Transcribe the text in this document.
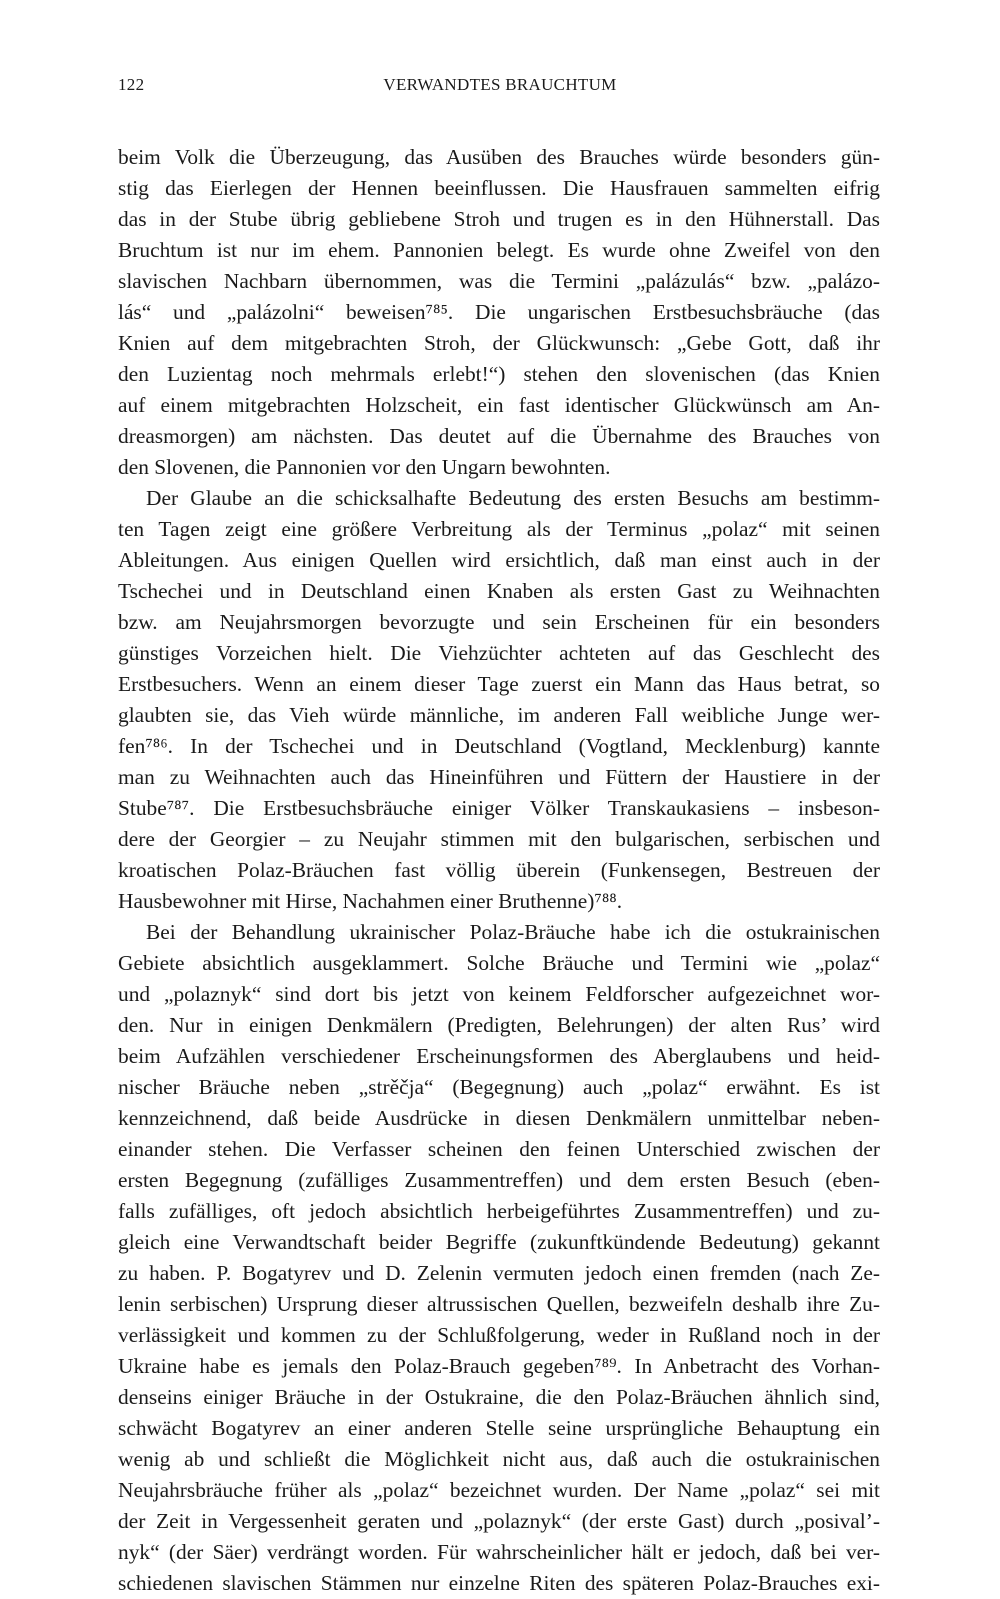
122	VERWANDTES BRAUCHTUM
beim Volk die Überzeugung, das Ausüben des Brauches würde besonders gün-
stig das Eierlegen der Hennen beeinflussen. Die Hausfrauen sammelten eifrig
das in der Stube übrig gebliebene Stroh und trugen es in den Hühnerstall. Das
Bruchtum ist nur im ehem. Pannonien belegt. Es wurde ohne Zweifel von den
slavischen Nachbarn übernommen, was die Termini „palázulás“ bzw. „palázo-
lás“ und „palázolni“ beweisen⁷⁸⁵. Die ungarischen Erstbesuchsbräuche (das
Knien auf dem mitgebrachten Stroh, der Glückwunsch: „Gebe Gott, daß ihr
den Luzientag noch mehrmals erlebt!“) stehen den slovenischen (das Knien
auf einem mitgebrachten Holzscheit, ein fast identischer Glückwünsch am An-
dreasmorgen) am nächsten. Das deutet auf die Übernahme des Brauches von
den Slovenen, die Pannonien vor den Ungarn bewohnten.
Der Glaube an die schicksalhafte Bedeutung des ersten Besuchs am bestimm-
ten Tagen zeigt eine größere Verbreitung als der Terminus „polaz“ mit seinen
Ableitungen. Aus einigen Quellen wird ersichtlich, daß man einst auch in der
Tschechei und in Deutschland einen Knaben als ersten Gast zu Weihnachten
bzw. am Neujahrsmorgen bevorzugte und sein Erscheinen für ein besonders
günstiges Vorzeichen hielt. Die Viehzüchter achteten auf das Geschlecht des
Erstbesuchers. Wenn an einem dieser Tage zuerst ein Mann das Haus betrat, so
glaubten sie, das Vieh würde männliche, im anderen Fall weibliche Junge wer-
fen⁷⁸⁶. In der Tschechei und in Deutschland (Vogtland, Mecklenburg) kannte
man zu Weihnachten auch das Hineinführen und Füttern der Haustiere in der
Stube⁷⁸⁷. Die Erstbesuchsbräuche einiger Völker Transkaukasiens – insbeson-
dere der Georgier – zu Neujahr stimmen mit den bulgarischen, serbischen und
kroatischen Polaz-Bräuchen fast völlig überein (Funkensegen, Bestreuen der
Hausbewohner mit Hirse, Nachahmen einer Bruthenne)⁷⁸⁸.
Bei der Behandlung ukrainischer Polaz-Bräuche habe ich die ostukrainischen
Gebiete absichtlich ausgeklammert. Solche Bräuche und Termini wie „polaz“
und „polaznyk“ sind dort bis jetzt von keinem Feldforscher aufgezeichnet wor-
den. Nur in einigen Denkmälern (Predigten, Belehrungen) der alten Rus’ wird
beim Aufzählen verschiedener Erscheinungsformen des Aberglaubens und heid-
nischer Bräuche neben „strěčja“ (Begegnung) auch „polaz“ erwähnt. Es ist
kennzeichnend, daß beide Ausdrücke in diesen Denkmälern unmittelbar neben-
einander stehen. Die Verfasser scheinen den feinen Unterschied zwischen der
ersten Begegnung (zufälliges Zusammentreffen) und dem ersten Besuch (eben-
falls zufälliges, oft jedoch absichtlich herbeigeführtes Zusammentreffen) und zu-
gleich eine Verwandtschaft beider Begriffe (zukunftkündende Bedeutung) gekannt
zu haben. P. Bogatyrev und D. Zelenin vermuten jedoch einen fremden (nach Ze-
lenin serbischen) Ursprung dieser altrussischen Quellen, bezweifeln deshalb ihre Zu-
verlässigkeit und kommen zu der Schlußfolgerung, weder in Rußland noch in der
Ukraine habe es jemals den Polaz-Brauch gegeben⁷⁸⁹. In Anbetracht des Vorhan-
denseins einiger Bräuche in der Ostukraine, die den Polaz-Bräuchen ähnlich sind,
schwächt Bogatyrev an einer anderen Stelle seine ursprüngliche Behauptung ein
wenig ab und schließt die Möglichkeit nicht aus, daß auch die ostukrainischen
Neujahrsbräuche früher als „polaz“ bezeichnet wurden. Der Name „polaz“ sei mit
der Zeit in Vergessenheit geraten und „polaznyk“ (der erste Gast) durch „posival’-
nyk“ (der Säer) verdrängt worden. Für wahrscheinlicher hält er jedoch, daß bei ver-
schiedenen slavischen Stämmen nur einzelne Riten des späteren Polaz-Brauches exi-
